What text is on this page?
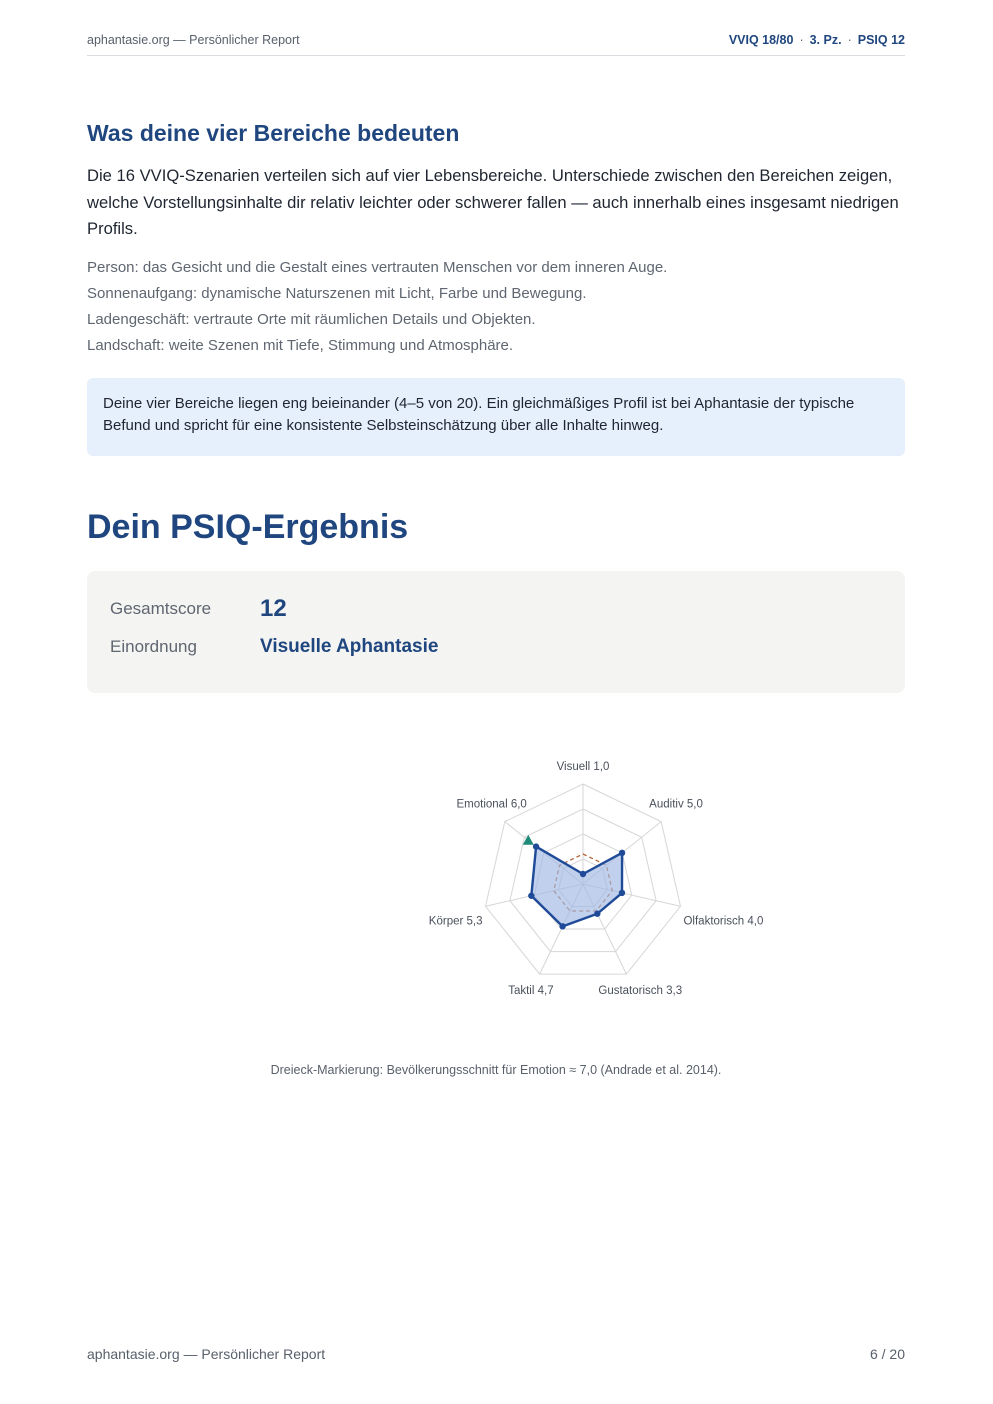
aphantasie.org — Persönlicher Report	VVIQ 18/80 · 3. Pz. · PSIQ 12
Was deine vier Bereiche bedeuten

Die 16 VVIQ-Szenarien verteilen sich auf vier Lebensbereiche. Unterschiede zwischen den Bereichen zeigen, welche Vorstellungsinhalte dir relativ leichter oder schwerer fallen — auch innerhalb eines insgesamt niedrigen Profils.

Person: das Gesicht und die Gestalt eines vertrauten Menschen vor dem inneren Auge.
Sonnenaufgang: dynamische Naturszenen mit Licht, Farbe und Bewegung.
Ladengeschäft: vertraute Orte mit räumlichen Details und Objekten.
Landschaft: weite Szenen mit Tiefe, Stimmung und Atmosphäre.
Deine vier Bereiche liegen eng beieinander (4–5 von 20). Ein gleichmäßiges Profil ist bei Aphantasie der typische Befund und spricht für eine konsistente Selbsteinschätzung über alle Inhalte hinweg.
Dein PSIQ-Ergebnis
Gesamtscore 12
Einordnung	Visuelle Aphantasie
Visuell 1,0
Auditiv 5,0
Olfaktorisch 4,0
Gustatorisch 3,3
Taktil 4,7
Körper 5,3
Emotional 6,0
Dreieck-Markierung: Bevölkerungsschnitt für Emotion ≈ 7,0 (Andrade et al. 2014).
aphantasie.org — Persönlicher Report	6 / 20
